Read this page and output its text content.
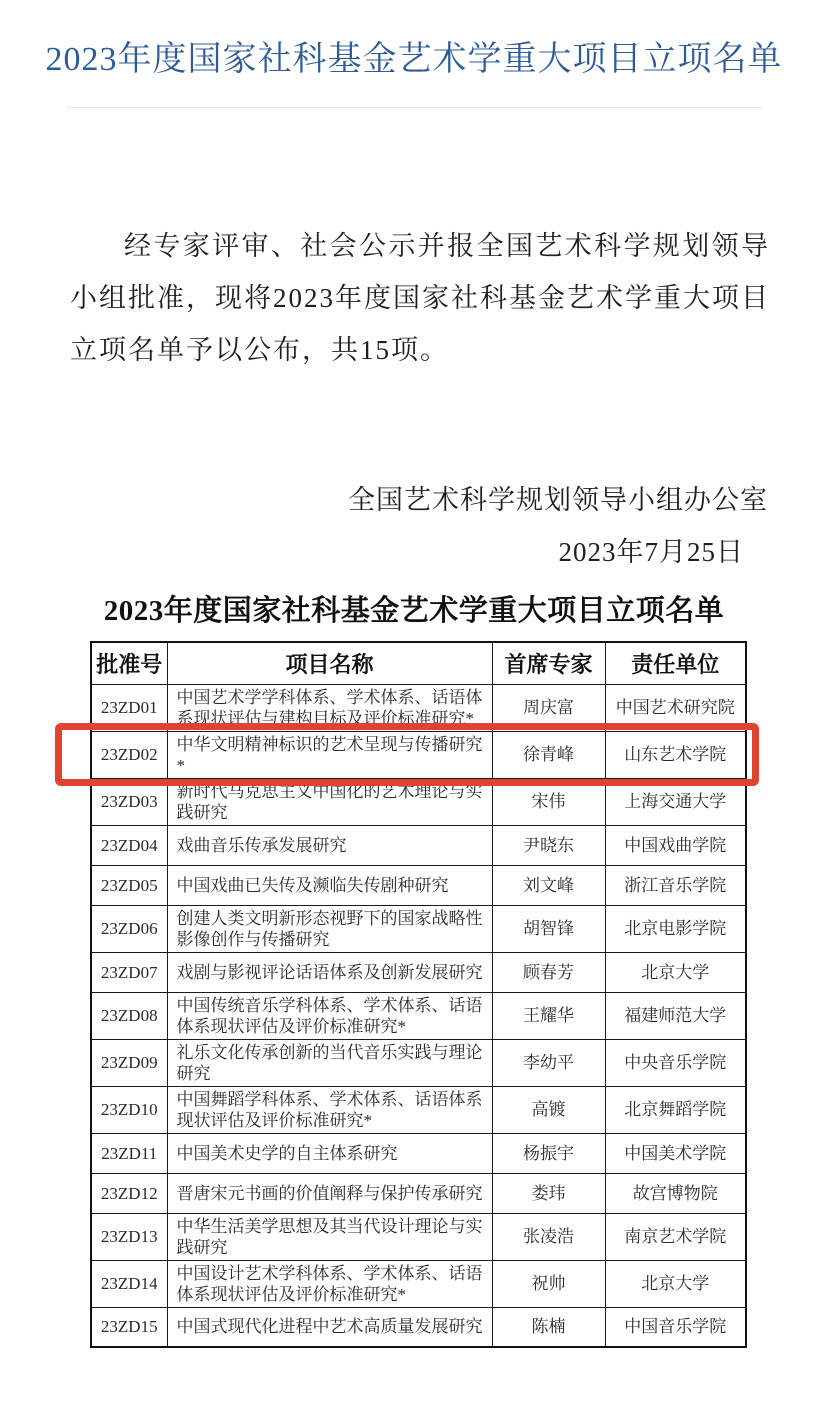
2023年度国家社科基金艺术学重大项目立项名单

经专家评审、社会公示并报全国艺术科学规划领导小组批准，现将2023年度国家社科基金艺术学重大项目立项名单予以公布，共15项。

全国艺术科学规划领导小组办公室
2023年7月25日
2023年度国家社科基金艺术学重大项目立项名单
批准号	项目名称	首席专家	责任单位
23ZD01	中国艺术学学科体系、学术体系、话语体系现状评估与建构目标及评价标准研究*	周庆富	中国艺术研究院
23ZD02	中华文明精神标识的艺术呈现与传播研究*	徐青峰	山东艺术学院
23ZD03	新时代马克思主义中国化的艺术理论与实践研究	宋伟	上海交通大学
23ZD04	戏曲音乐传承发展研究	尹晓东	中国戏曲学院
23ZD05	中国戏曲已失传及濒临失传剧种研究	刘文峰	浙江音乐学院
23ZD06	创建人类文明新形态视野下的国家战略性影像创作与传播研究	胡智锋	北京电影学院
23ZD07	戏剧与影视评论话语体系及创新发展研究	顾春芳	北京大学
23ZD08	中国传统音乐学科体系、学术体系、话语体系现状评估及评价标准研究*	王耀华	福建师范大学
23ZD09	礼乐文化传承创新的当代音乐实践与理论研究	李幼平	中央音乐学院
23ZD10	中国舞蹈学科体系、学术体系、话语体系现状评估及评价标准研究*	高镀	北京舞蹈学院
23ZD11	中国美术史学的自主体系研究	杨振宇	中国美术学院
23ZD12	晋唐宋元书画的价值阐释与保护传承研究	娄玮	故宫博物院
23ZD13	中华生活美学思想及其当代设计理论与实践研究	张凌浩	南京艺术学院
23ZD14	中国设计艺术学科体系、学术体系、话语体系现状评估及评价标准研究*	祝帅	北京大学
23ZD15	中国式现代化进程中艺术高质量发展研究	陈楠	中国音乐学院
